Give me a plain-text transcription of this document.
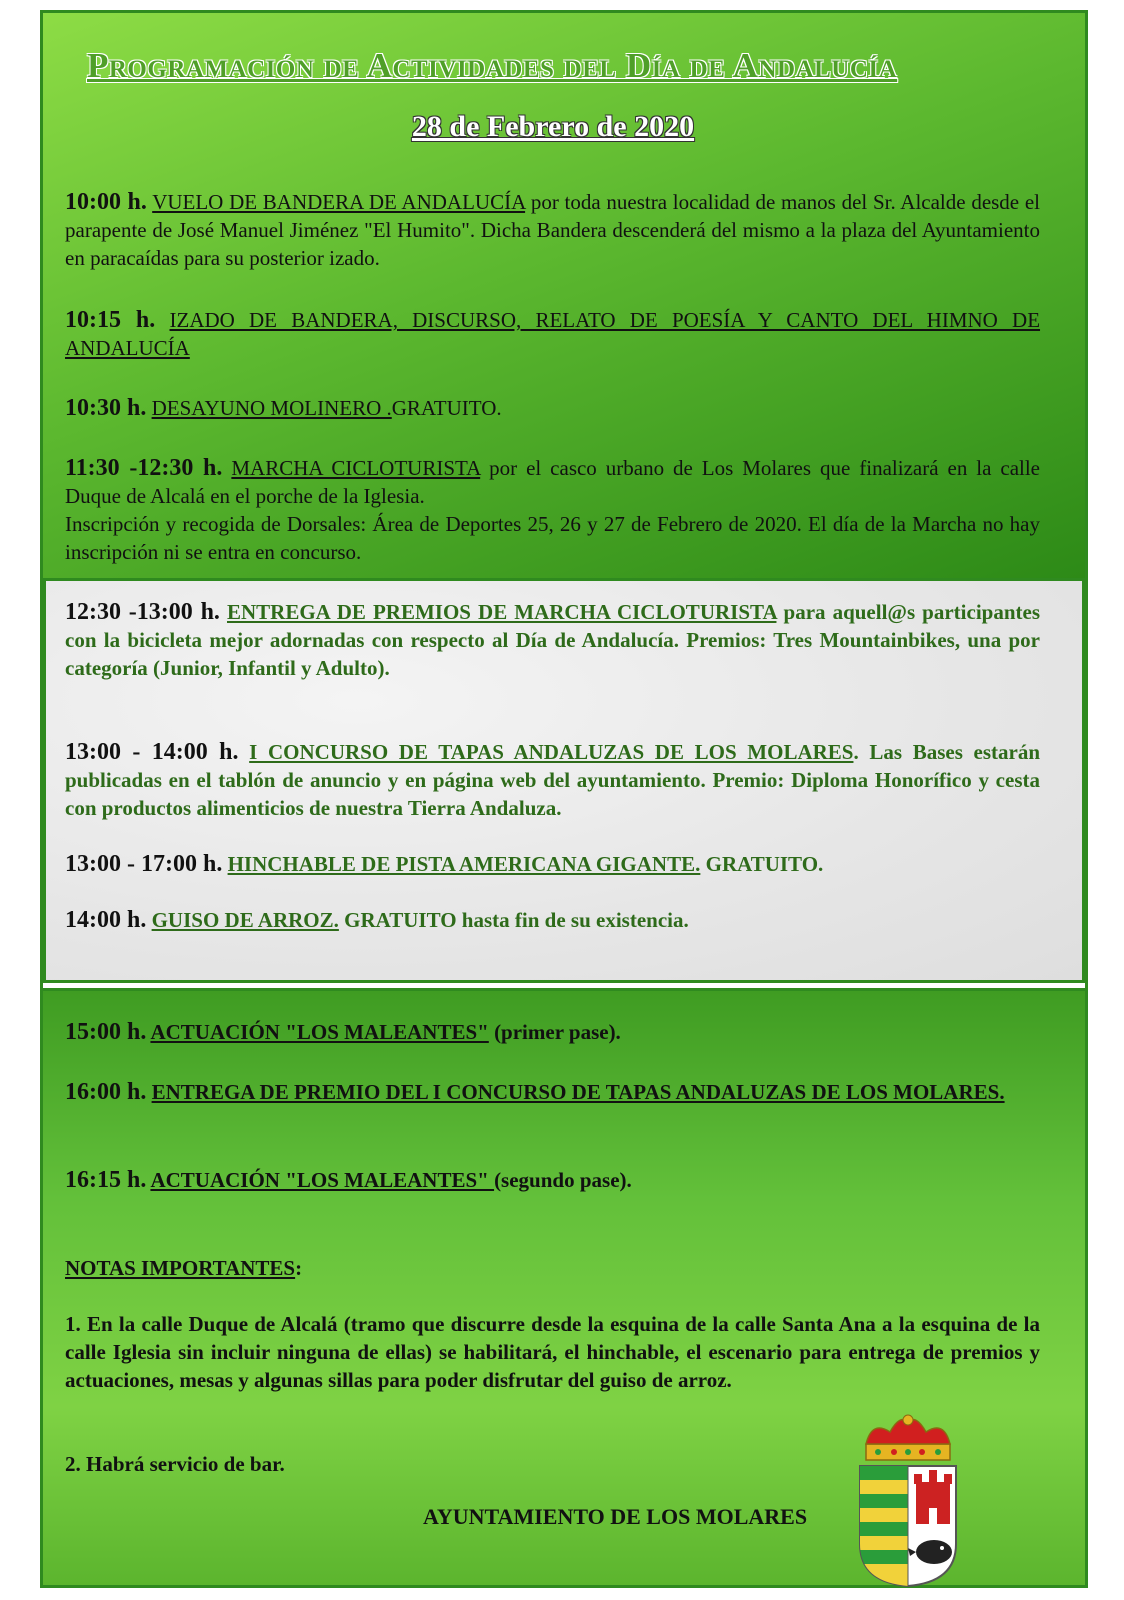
Programación de Actividades del Día de Andalucía
28 de Febrero de 2020
10:00 h. VUELO DE BANDERA DE ANDALUCÍA por toda nuestra localidad de manos del Sr. Alcalde desde el parapente de José Manuel Jiménez "El Humito". Dicha Bandera descenderá del mismo a la plaza del Ayuntamiento en paracaídas para su posterior izado.
10:15 h. IZADO DE BANDERA, DISCURSO, RELATO DE POESÍA Y CANTO DEL HIMNO DE ANDALUCÍA
10:30 h. DESAYUNO MOLINERO .GRATUITO.
11:30 -12:30 h. MARCHA CICLOTURISTA por el casco urbano de Los Molares que finalizará en la calle Duque de Alcalá en el porche de la Iglesia.
Inscripción y recogida de Dorsales: Área de Deportes 25, 26 y 27 de Febrero de 2020. El día de la Marcha no hay inscripción ni se entra en concurso.
12:30 -13:00 h. ENTREGA DE PREMIOS DE MARCHA CICLOTURISTA para aquell@s participantes con la bicicleta mejor adornadas con respecto al Día de Andalucía. Premios: Tres Mountainbikes, una por categoría (Junior, Infantil y Adulto).
13:00 - 14:00 h. I CONCURSO DE TAPAS ANDALUZAS DE LOS MOLARES. Las Bases estarán publicadas en el tablón de anuncio y en página web del ayuntamiento. Premio: Diploma Honorífico y cesta con productos alimenticios de nuestra Tierra Andaluza.
13:00 - 17:00 h. HINCHABLE DE PISTA AMERICANA GIGANTE. GRATUITO.
14:00 h. GUISO DE ARROZ. GRATUITO hasta fin de su existencia.
15:00 h. ACTUACIÓN "LOS MALEANTES" (primer pase).
16:00 h. ENTREGA DE PREMIO DEL I CONCURSO DE TAPAS ANDALUZAS DE LOS MOLARES.
16:15 h. ACTUACIÓN "LOS MALEANTES" (segundo pase).
NOTAS IMPORTANTES:
1. En la calle Duque de Alcalá (tramo que discurre desde la esquina de la calle Santa Ana a la esquina de la calle Iglesia sin incluir ninguna de ellas) se habilitará, el hinchable, el escenario para entrega de premios y actuaciones, mesas y algunas sillas para poder disfrutar del guiso de arroz.
2. Habrá servicio de bar.
AYUNTAMIENTO DE LOS MOLARES
